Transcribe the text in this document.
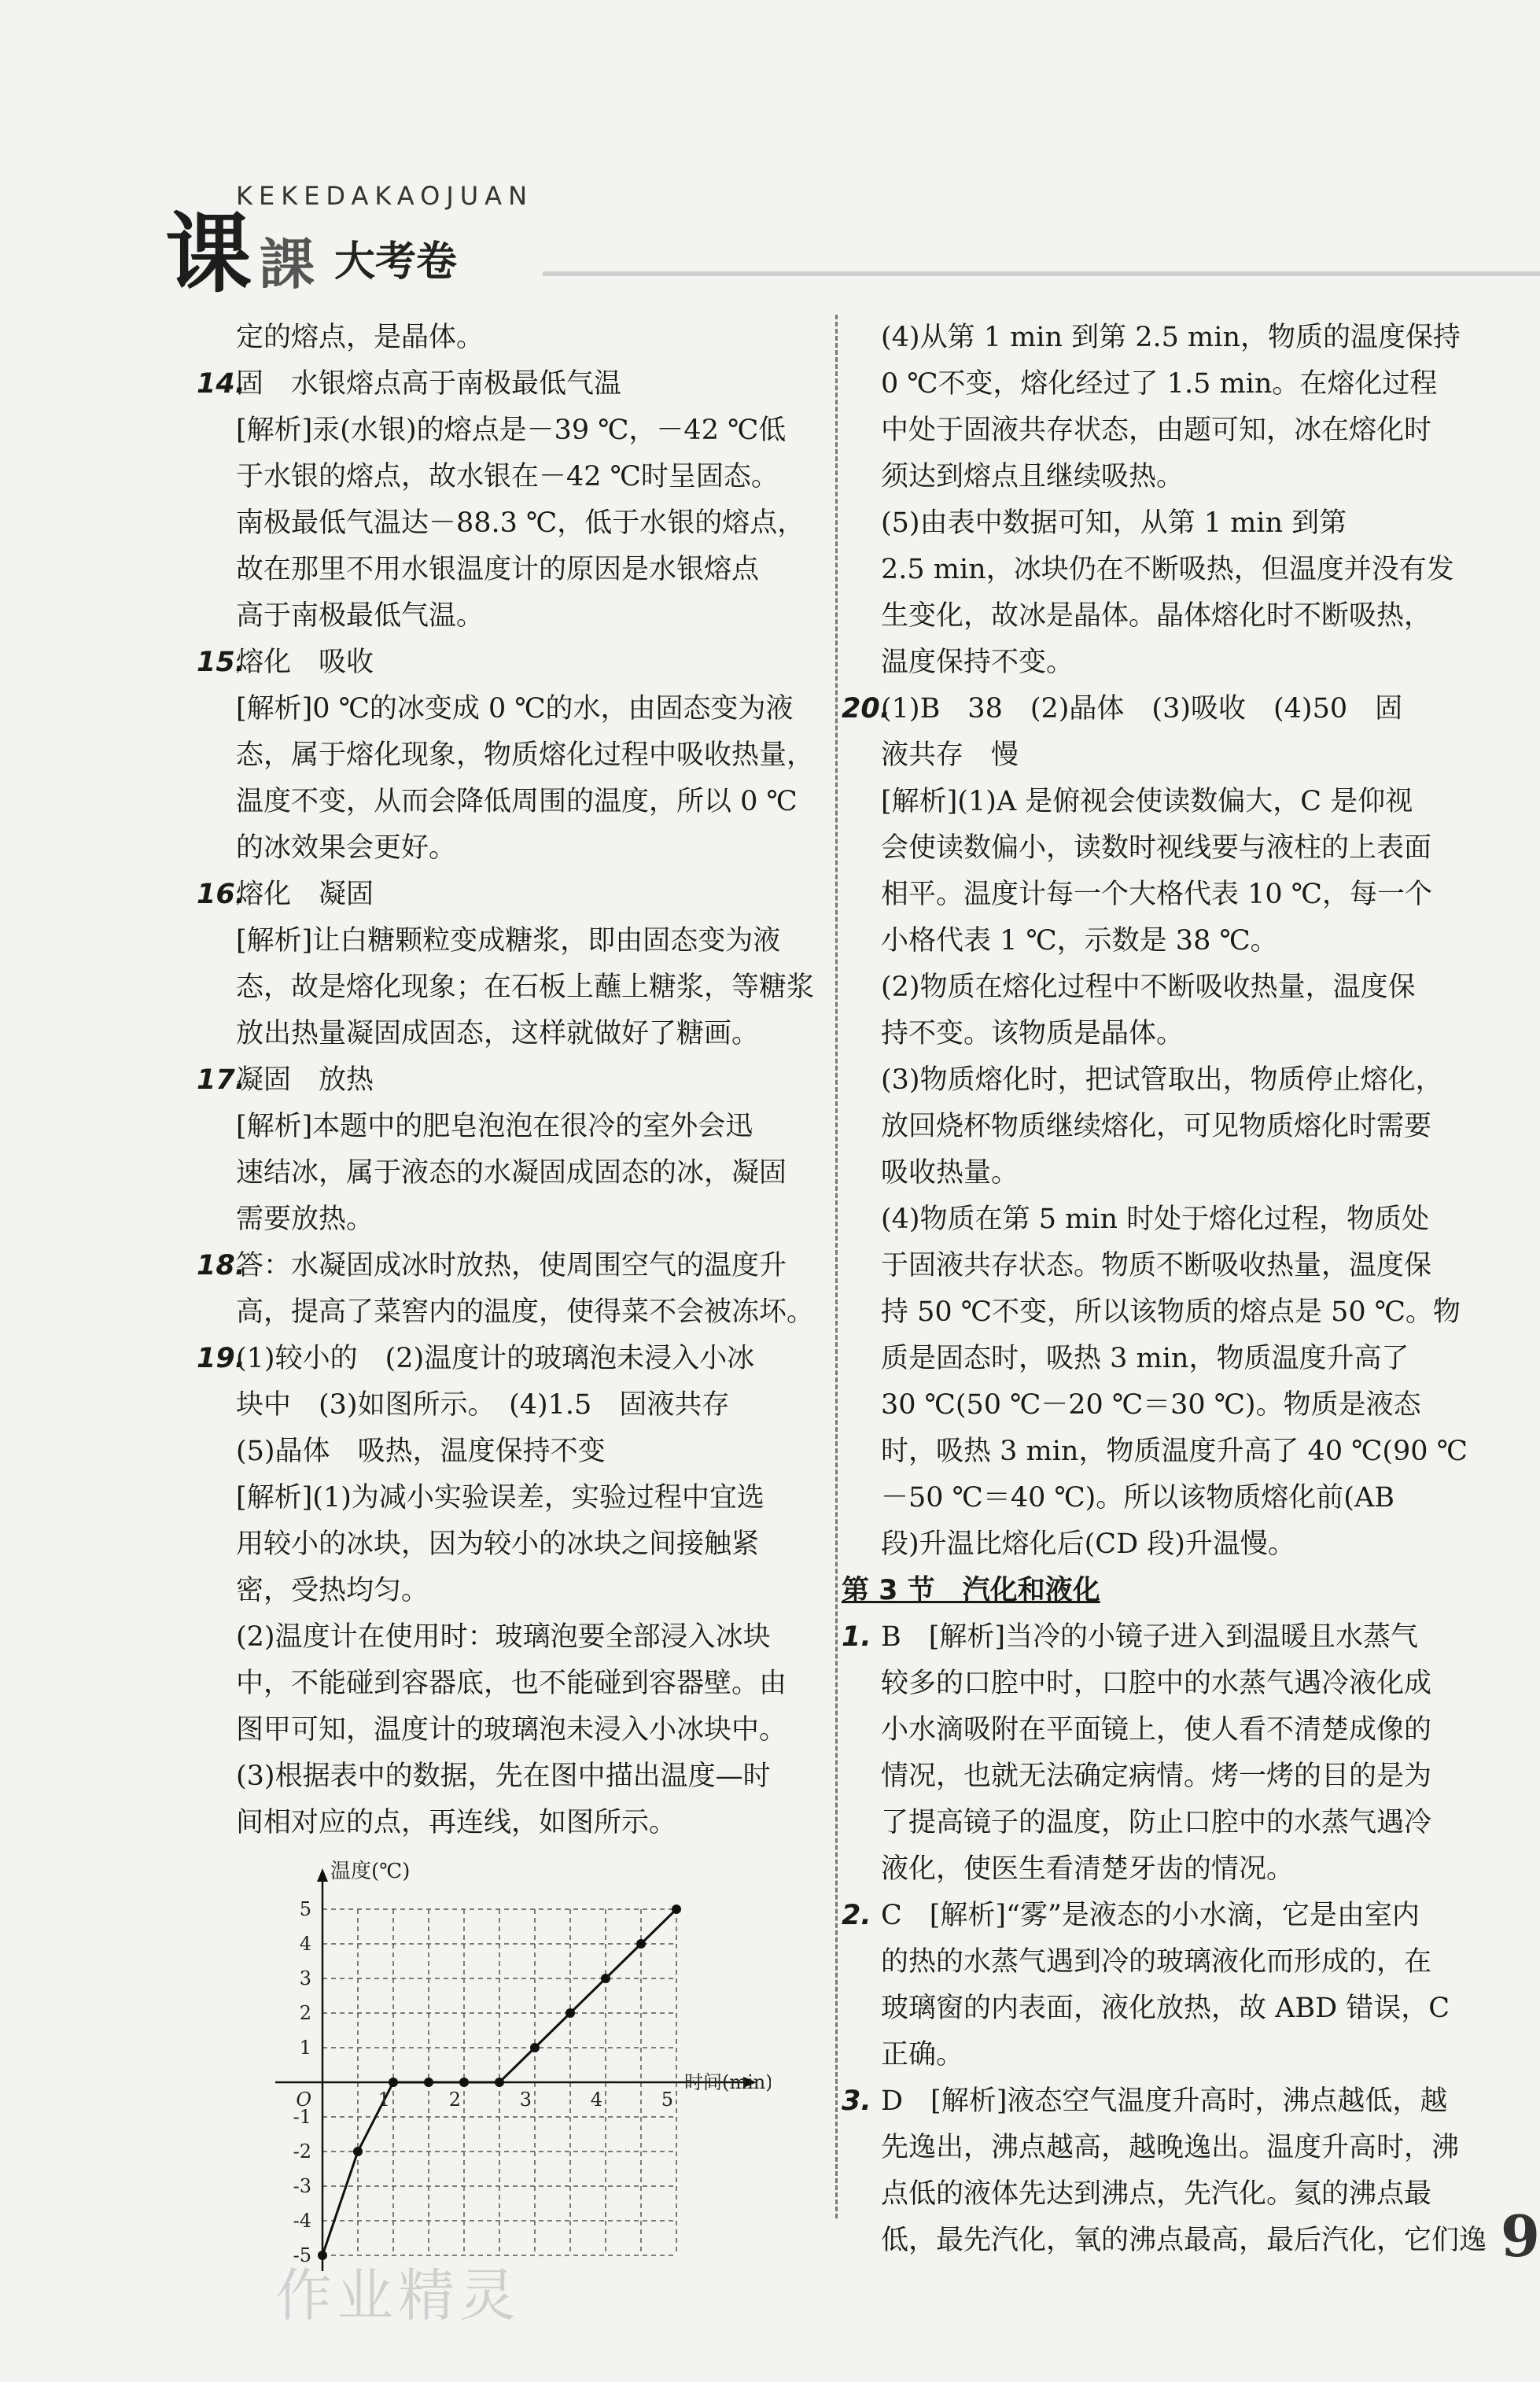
课 課
KEKEDAKAOJUAN
大考卷
定的熔点，是晶体。
14.
固　水银熔点高于南极最低气温
[解析]汞(水银)的熔点是－39 ℃，－42 ℃低
于水银的熔点，故水银在－42 ℃时呈固态。
南极最低气温达－88.3 ℃，低于水银的熔点，
故在那里不用水银温度计的原因是水银熔点
高于南极最低气温。
15.
熔化　吸收
[解析]0 ℃的冰变成 0 ℃的水，由固态变为液
态，属于熔化现象，物质熔化过程中吸收热量，
温度不变，从而会降低周围的温度，所以 0 ℃
的冰效果会更好。
16.
熔化　凝固
[解析]让白糖颗粒变成糖浆，即由固态变为液
态，故是熔化现象；在石板上蘸上糖浆，等糖浆
放出热量凝固成固态，这样就做好了糖画。
17.
凝固　放热
[解析]本题中的肥皂泡泡在很冷的室外会迅
速结冰，属于液态的水凝固成固态的冰，凝固
需要放热。
18.
答：水凝固成冰时放热，使周围空气的温度升
高，提高了菜窖内的温度，使得菜不会被冻坏。
19.
(1)较小的　(2)温度计的玻璃泡未浸入小冰
块中　(3)如图所示。　(4)1.5　固液共存
(5)晶体　吸热，温度保持不变
[解析](1)为减小实验误差，实验过程中宜选
用较小的冰块，因为较小的冰块之间接触紧
密，受热均匀。
(2)温度计在使用时：玻璃泡要全部浸入冰块
中，不能碰到容器底，也不能碰到容器壁。由
图甲可知，温度计的玻璃泡未浸入小冰块中。
(3)根据表中的数据，先在图中描出温度—时
间相对应的点，再连线，如图所示。
1	2	3	4	5
5
4
3
2
1
-1
-2
-3
-4
-5
O
温度(℃)
时间(min)
(4)从第 1 min 到第 2.5 min，物质的温度保持
0 ℃不变，熔化经过了 1.5 min。在熔化过程
中处于固液共存状态，由题可知，冰在熔化时
须达到熔点且继续吸热。
(5)由表中数据可知，从第 1 min 到第
2.5 min，冰块仍在不断吸热，但温度并没有发
生变化，故冰是晶体。晶体熔化时不断吸热，
温度保持不变。
20.
(1)B　38　(2)晶体　(3)吸收　(4)50　固
液共存　慢
[解析](1)A 是俯视会使读数偏大，C 是仰视
会使读数偏小，读数时视线要与液柱的上表面
相平。温度计每一个大格代表 10 ℃，每一个
小格代表 1 ℃，示数是 38 ℃。
(2)物质在熔化过程中不断吸收热量，温度保
持不变。该物质是晶体。
(3)物质熔化时，把试管取出，物质停止熔化，
放回烧杯物质继续熔化，可见物质熔化时需要
吸收热量。
(4)物质在第 5 min 时处于熔化过程，物质处
于固液共存状态。物质不断吸收热量，温度保
持 50 ℃不变，所以该物质的熔点是 50 ℃。物
质是固态时，吸热 3 min，物质温度升高了
30 ℃(50 ℃－20 ℃＝30 ℃)。物质是液态
时，吸热 3 min，物质温度升高了 40 ℃(90 ℃
－50 ℃＝40 ℃)。所以该物质熔化前(AB
段)升温比熔化后(CD 段)升温慢。
第 3 节　汽化和液化
1. B　[解析]当冷的小镜子进入到温暖且水蒸气
较多的口腔中时，口腔中的水蒸气遇冷液化成
小水滴吸附在平面镜上，使人看不清楚成像的
情况，也就无法确定病情。烤一烤的目的是为
了提高镜子的温度，防止口腔中的水蒸气遇冷
液化，使医生看清楚牙齿的情况。
2. C　[解析]“雾”是液态的小水滴，它是由室内
的热的水蒸气遇到冷的玻璃液化而形成的，在
玻璃窗的内表面，液化放热，故 ABD 错误，C
正确。
3. D　[解析]液态空气温度升高时，沸点越低，越
先逸出，沸点越高，越晚逸出。温度升高时，沸
点低的液体先达到沸点，先汽化。氦的沸点最
低，最先汽化，氧的沸点最高，最后汽化，它们逸
作业精灵
9
